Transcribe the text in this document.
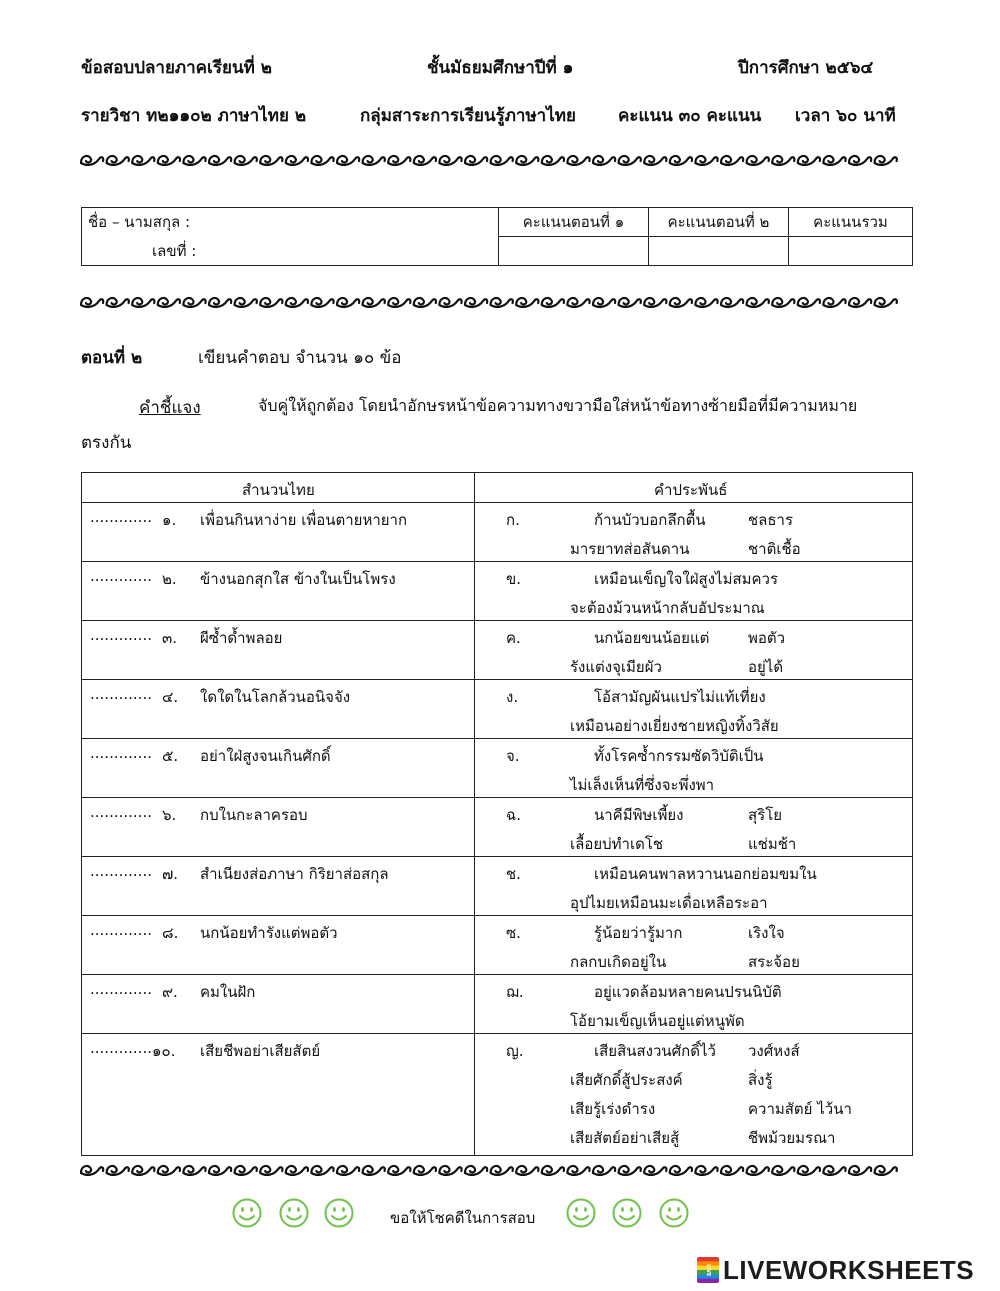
ข้อสอบปลายภาคเรียนที่ ๒	ชั้นมัธยมศึกษาปีที่ ๑	ปีการศึกษา ๒๕๖๔
รายวิชา ท๒๑๑๐๒ ภาษาไทย ๒	กลุ่มสาระการเรียนรู้ภาษาไทย คะแนน ๓๐ คะแนน เวลา ๖๐ นาที
ชื่อ – นามสกุล :	คะแนนตอนที่ ๑	คะแนนตอนที่ ๒	คะแนนรวม
เลขที่ :			
ตอนที่ ๒	เขียนคำตอบ จำนวน ๑๐ ข้อ
คำชี้แจง	จับคู่ให้ถูกต้อง โดยนำอักษรหน้าข้อความทางขวามือใส่หน้าข้อทางซ้ายมือที่มีความหมาย
ตรงกัน
สำนวนไทย	คำประพันธ์
............. ๑. เพื่อนกินหาง่าย เพื่อนตายหายาก	ก.	ก้านบัวบอกลึกตื้น	ชลธาร
มารยาทส่อสันดาน	ชาติเชื้อ
............. ๒. ข้างนอกสุกใส ข้างในเป็นโพรง	ข.	เหมือนเข็ญใจใฝ่สูงไม่สมควร
จะต้องม้วนหน้ากลับอัประมาณ
............. ๓. ผีซ้ำด้ำพลอย	ค.	นกน้อยขนน้อยแต่	พอตัว
รังแต่งจุเมียผัว	อยู่ได้
............. ๔. ใดใดในโลกล้วนอนิจจัง	ง.	โอ้สามัญผันแปรไม่แท้เที่ยง
เหมือนอย่างเยี่ยงชายหญิงทิ้งวิสัย
............. ๕. อย่าใฝ่สูงจนเกินศักดิ์	จ.	ทั้งโรคซ้ำกรรมซัดวิบัติเป็น
ไม่เล็งเห็นที่ซึ่งจะพึ่งพา
............. ๖. กบในกะลาครอบ	ฉ.	นาคีมีพิษเพี้ยง	สุริโย
เลื้อยบ่ทำเดโช	แช่มช้า
............. ๗. สำเนียงส่อภาษา กิริยาส่อสกุล	ช.	เหมือนคนพาลหวานนอกย่อมขมใน
อุปไมยเหมือนมะเดื่อเหลือระอา
............. ๘. นกน้อยทำรังแต่พอตัว	ซ.	รู้น้อยว่ารู้มาก	เริงใจ
กลกบเกิดอยู่ใน	สระจ้อย
............. ๙. คมในฝัก	ฌ.	อยู่แวดล้อมหลายคนปรนนิบัติ
โอ้ยามเข็ญเห็นอยู่แต่หนูพัด
............. ๑๐. เสียชีพอย่าเสียสัตย์	ญ.	เสียสินสงวนศักดิ์ไว้ วงศ์หงส์
เสียศักดิ์สู้ประสงค์	สิ่งรู้
เสียรู้เร่งดำรง	ความสัตย์ ไว้นา
เสียสัตย์อย่าเสียสู้	ชีพม้วยมรณา
ขอให้โชคดีในการสอบ
LIVE LIVEWORKSHEETS
